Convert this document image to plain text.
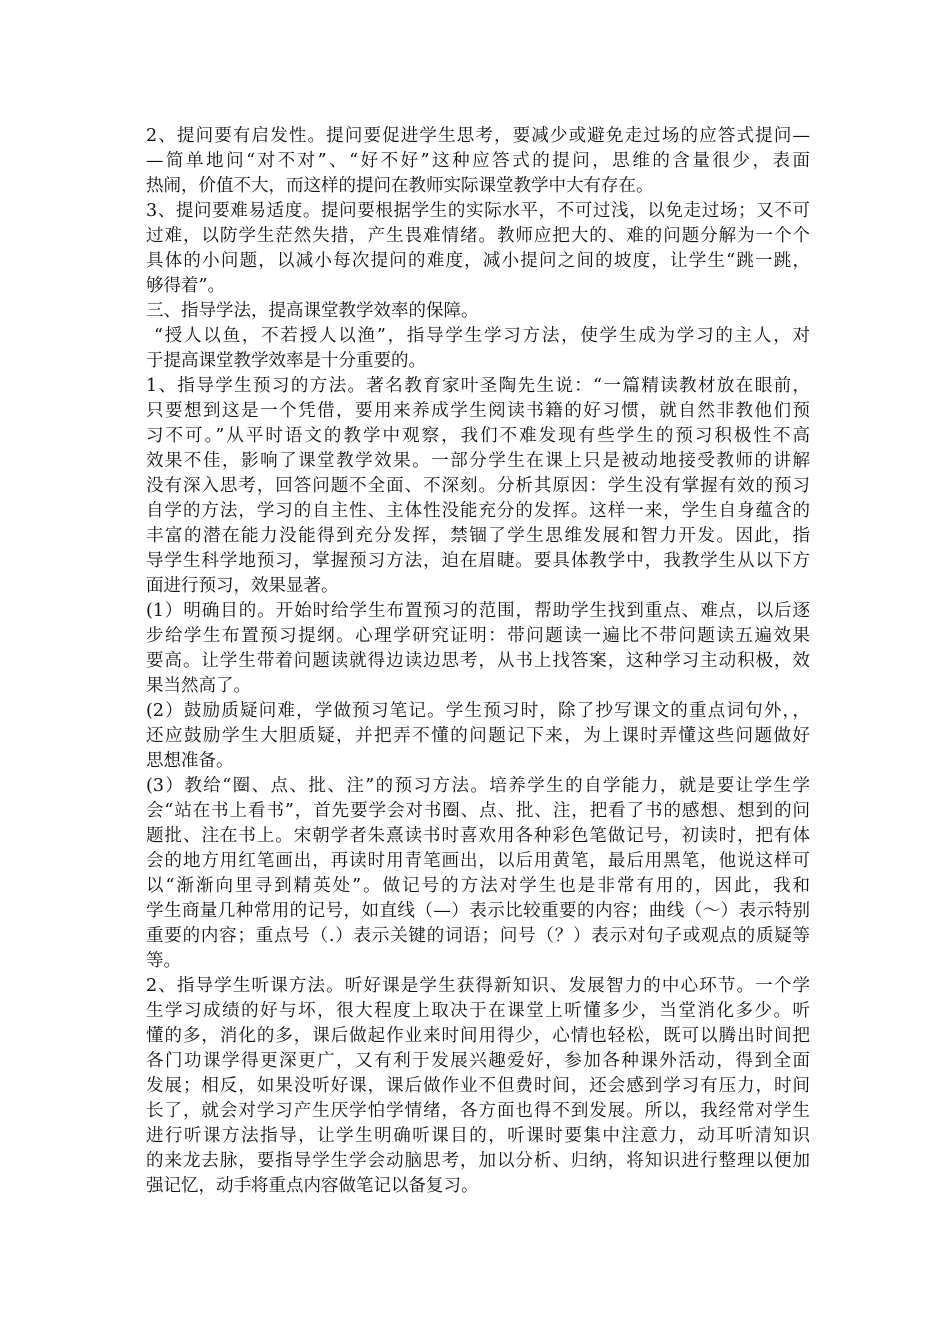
2、提问要有启发性。提问要促进学生思考，要减少或避免走过场的应答式提问—
—简单地问“对不对”、“好不好”这种应答式的提问，思维的含量很少，表面
热闹，价值不大，而这样的提问在教师实际课堂教学中大有存在。
3、提问要难易适度。提问要根据学生的实际水平，不可过浅，以免走过场；又不可
过难，以防学生茫然失措，产生畏难情绪。教师应把大的、难的问题分解为一个个
具体的小问题，以减小每次提问的难度，减小提问之间的坡度，让学生“跳一跳，
够得着”。
三、指导学法，提高课堂教学效率的保障。
“授人以鱼，不若授人以渔”，指导学生学习方法，使学生成为学习的主人，对
于提高课堂教学效率是十分重要的。
1、指导学生预习的方法。著名教育家叶圣陶先生说：“一篇精读教材放在眼前，
只要想到这是一个凭借，要用来养成学生阅读书籍的好习惯，就自然非教他们预
习不可。”从平时语文的教学中观察，我们不难发现有些学生的预习积极性不高
效果不佳，影响了课堂教学效果。一部分学生在课上只是被动地接受教师的讲解
没有深入思考，回答问题不全面、不深刻。分析其原因：学生没有掌握有效的预习
自学的方法，学习的自主性、主体性没能充分的发挥。这样一来，学生自身蕴含的
丰富的潜在能力没能得到充分发挥，禁锢了学生思维发展和智力开发。因此，指
导学生科学地预习，掌握预习方法，迫在眉睫。要具体教学中，我教学生从以下方
面进行预习，效果显著。
(1）明确目的。开始时给学生布置预习的范围，帮助学生找到重点、难点，以后逐
步给学生布置预习提纲。心理学研究证明：带问题读一遍比不带问题读五遍效果
要高。让学生带着问题读就得边读边思考，从书上找答案，这种学习主动积极，效
果当然高了。
(2）鼓励质疑问难，学做预习笔记。学生预习时，除了抄写课文的重点词句外，，
还应鼓励学生大胆质疑，并把弄不懂的问题记下来，为上课时弄懂这些问题做好
思想准备。
(3）教给“圈、点、批、注”的预习方法。培养学生的自学能力，就是要让学生学
会“站在书上看书”，首先要学会对书圈、点、批、注，把看了书的感想、想到的问
题批、注在书上。宋朝学者朱熹读书时喜欢用各种彩色笔做记号，初读时，把有体
会的地方用红笔画出，再读时用青笔画出，以后用黄笔，最后用黑笔，他说这样可
以“渐渐向里寻到精英处”。做记号的方法对学生也是非常有用的，因此，我和
学生商量几种常用的记号，如直线（—）表示比较重要的内容；曲线（～）表示特别
重要的内容；重点号（.）表示关键的词语；问号（？）表示对句子或观点的质疑等
等。
2、指导学生听课方法。听好课是学生获得新知识、发展智力的中心环节。一个学
生学习成绩的好与坏，很大程度上取决于在课堂上听懂多少，当堂消化多少。听
懂的多，消化的多，课后做起作业来时间用得少，心情也轻松，既可以腾出时间把
各门功课学得更深更广，又有利于发展兴趣爱好，参加各种课外活动，得到全面
发展；相反，如果没听好课，课后做作业不但费时间，还会感到学习有压力，时间
长了，就会对学习产生厌学怕学情绪，各方面也得不到发展。所以，我经常对学生
进行听课方法指导，让学生明确听课目的，听课时要集中注意力，动耳听清知识
的来龙去脉，要指导学生学会动脑思考，加以分析、归纳，将知识进行整理以便加
强记忆，动手将重点内容做笔记以备复习。
